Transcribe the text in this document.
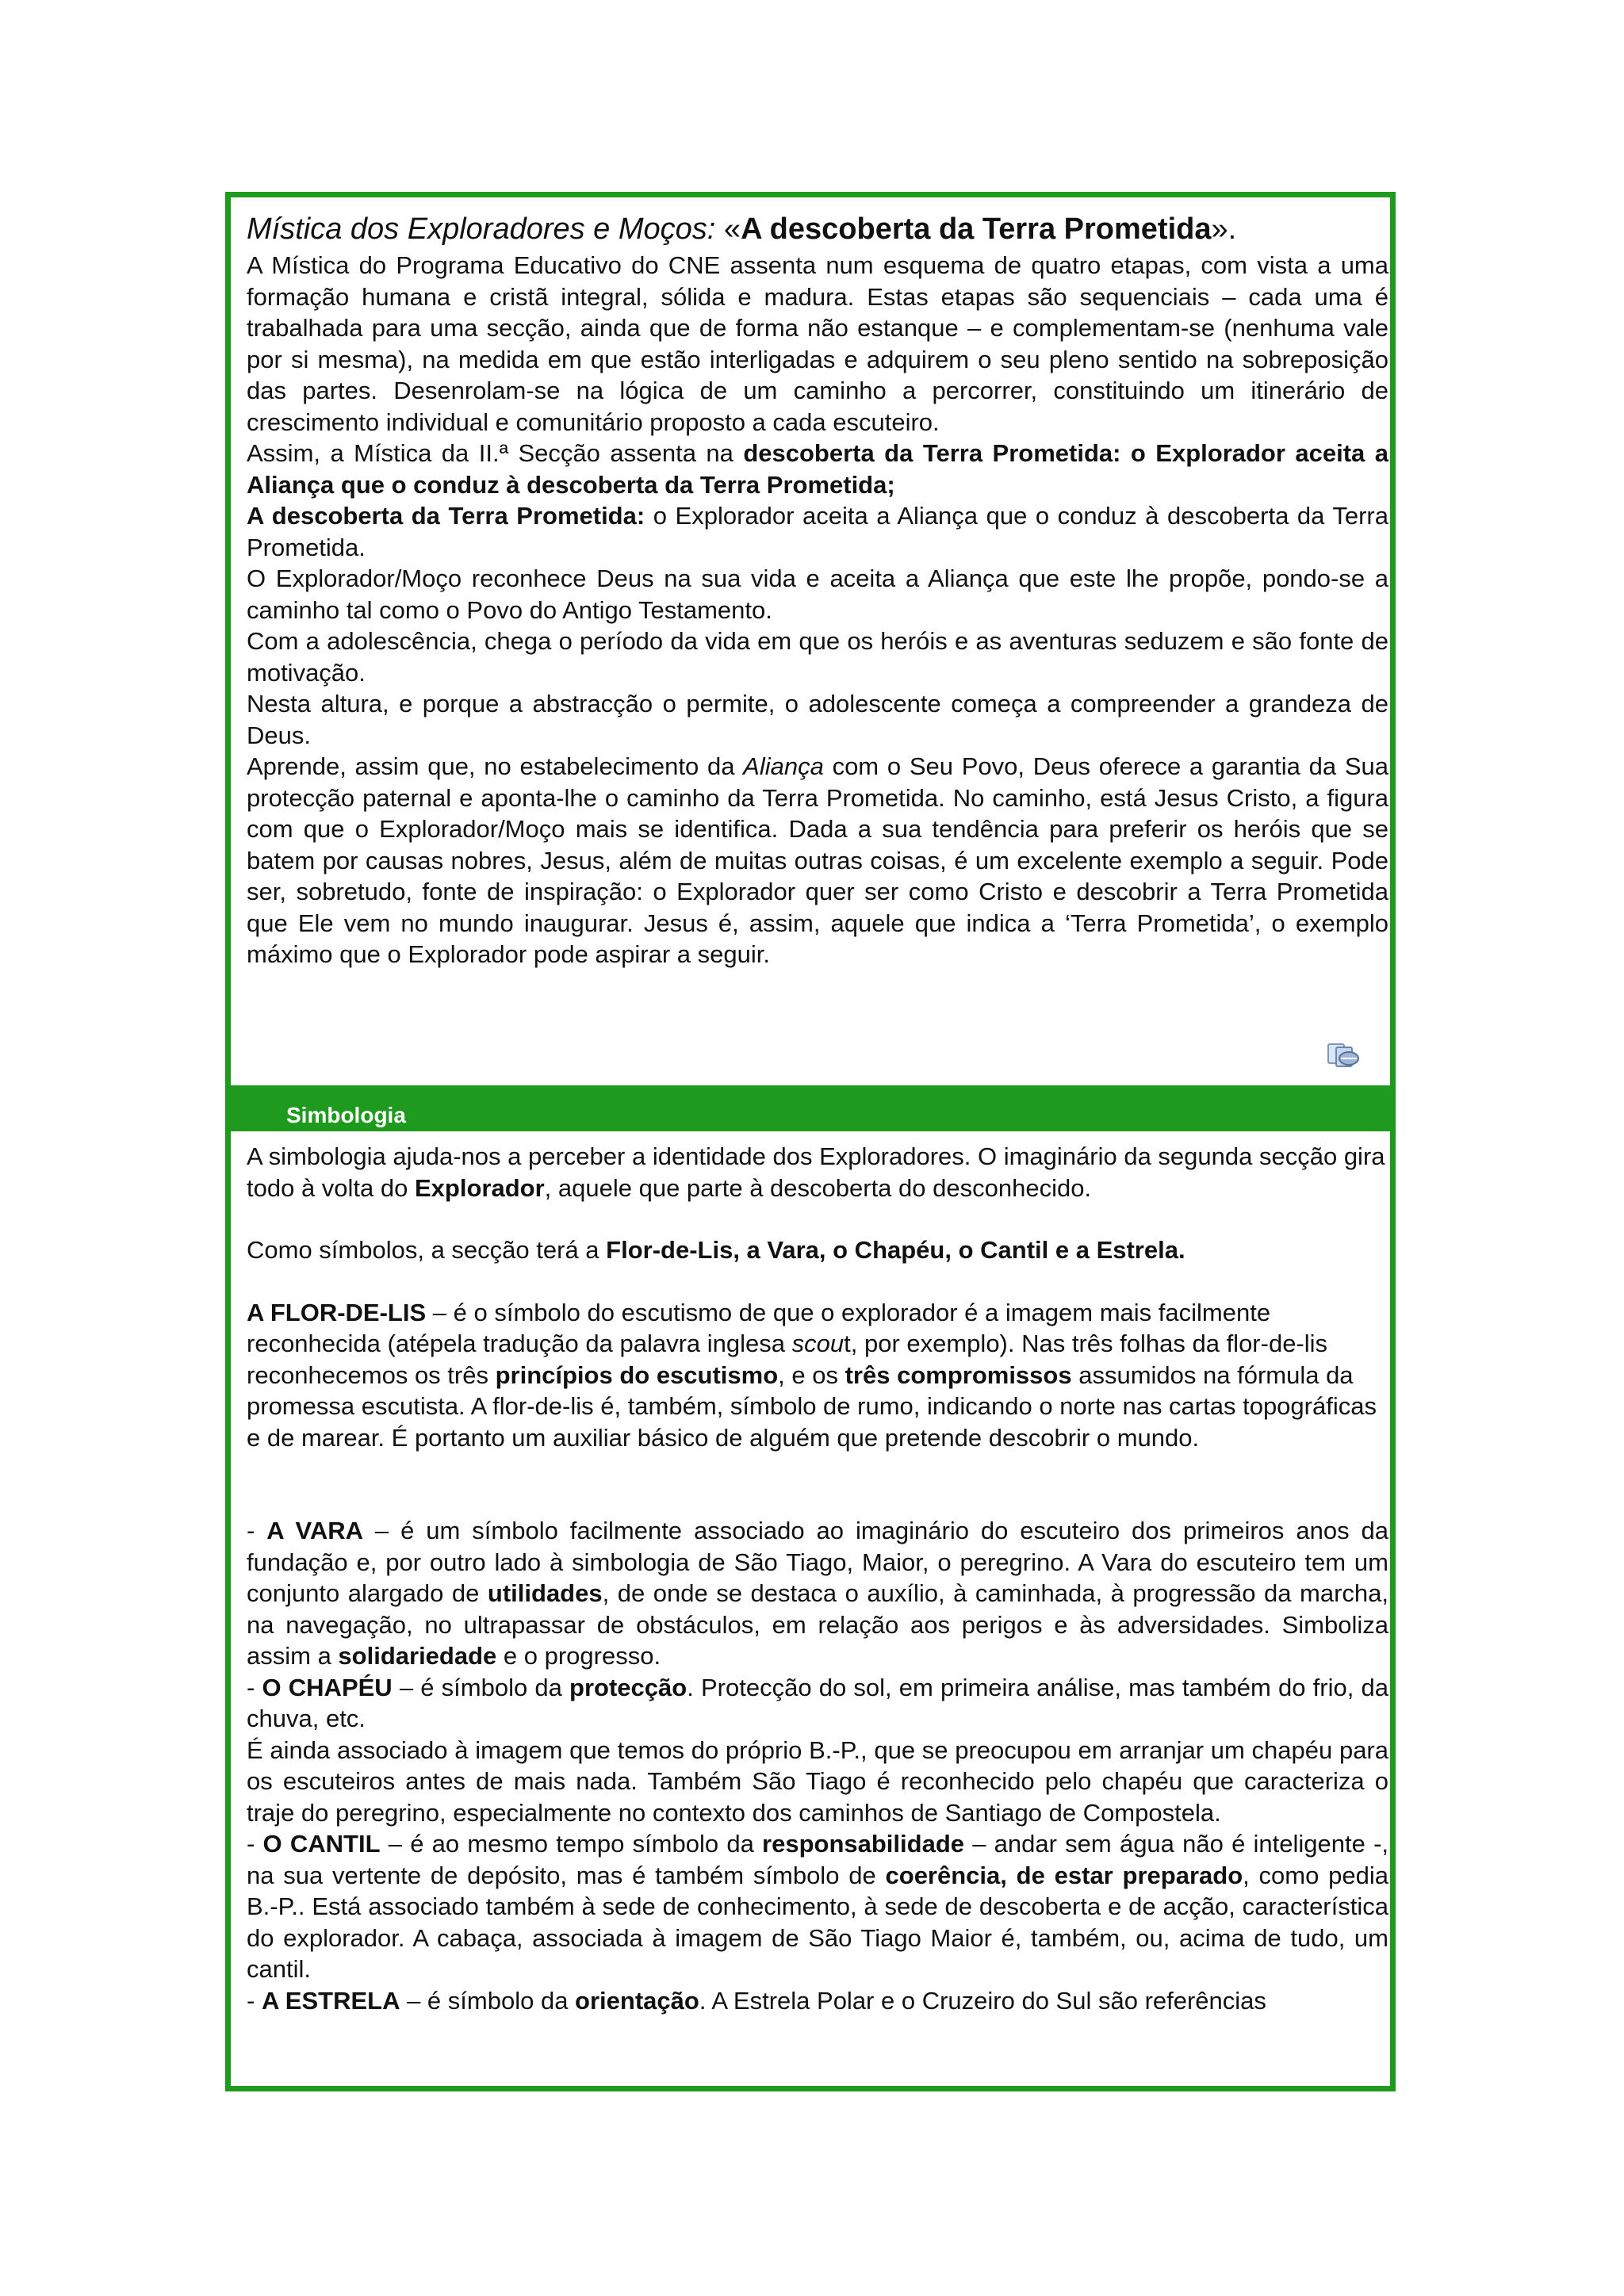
Mística dos Exploradores e Moços: «A descoberta da Terra Prometida».

A Mística do Programa Educativo do CNE assenta num esquema de quatro etapas, com vista a uma formação humana e cristã integral, sólida e madura. Estas etapas são sequenciais – cada uma é trabalhada para uma secção, ainda que de forma não estanque – e complementam-se (nenhuma vale por si mesma), na medida em que estão interligadas e adquirem o seu pleno sentido na sobreposição das partes. Desenrolam-se na lógica de um caminho a percorrer, constituindo um itinerário de crescimento individual e comunitário proposto a cada escuteiro.

Assim, a Mística da II.ª Secção assenta na descoberta da Terra Prometida: o Explorador aceita a Aliança que o conduz à descoberta da Terra Prometida;

A descoberta da Terra Prometida: o Explorador aceita a Aliança que o conduz à descoberta da Terra Prometida.

O Explorador/Moço reconhece Deus na sua vida e aceita a Aliança que este lhe propõe, pondo-se a caminho tal como o Povo do Antigo Testamento.

Com a adolescência, chega o período da vida em que os heróis e as aventuras seduzem e são fonte de motivação.

Nesta altura, e porque a abstracção o permite, o adolescente começa a compreender a grandeza de Deus.

Aprende, assim que, no estabelecimento da Aliança com o Seu Povo, Deus oferece a garantia da Sua protecção paternal e aponta-lhe o caminho da Terra Prometida. No caminho, está Jesus Cristo, a figura com que o Explorador/Moço mais se identifica. Dada a sua tendência para preferir os heróis que se batem por causas nobres, Jesus, além de muitas outras coisas, é um excelente exemplo a seguir. Pode ser, sobretudo, fonte de inspiração: o Explorador quer ser como Cristo e descobrir a Terra Prometida que Ele vem no mundo inaugurar. Jesus é, assim, aquele que indica a ‘Terra Prometida’, o exemplo máximo que o Explorador pode aspirar a seguir.

Simbologia

A simbologia ajuda-nos a perceber a identidade dos Exploradores. O imaginário da segunda secção gira todo à volta do Explorador, aquele que parte à descoberta do desconhecido.

Como símbolos, a secção terá a Flor-de-Lis, a Vara, o Chapéu, o Cantil e a Estrela.

A FLOR-DE-LIS – é o símbolo do escutismo de que o explorador é a imagem mais facilmente reconhecida (atépela tradução da palavra inglesa scout, por exemplo). Nas três folhas da flor-de-lis reconhecemos os três princípios do escutismo, e os três compromissos assumidos na fórmula da promessa escutista. A flor-de-lis é, também, símbolo de rumo, indicando o norte nas cartas topográficas e de marear. É portanto um auxiliar básico de alguém que pretende descobrir o mundo.

- A VARA – é um símbolo facilmente associado ao imaginário do escuteiro dos primeiros anos da fundação e, por outro lado à simbologia de São Tiago, Maior, o peregrino. A Vara do escuteiro tem um conjunto alargado de utilidades, de onde se destaca o auxílio, à caminhada, à progressão da marcha, na navegação, no ultrapassar de obstáculos, em relação aos perigos e às adversidades. Simboliza assim a solidariedade e o progresso.

- O CHAPÉU – é símbolo da protecção. Protecção do sol, em primeira análise, mas também do frio, da chuva, etc.

É ainda associado à imagem que temos do próprio B.-P., que se preocupou em arranjar um chapéu para os escuteiros antes de mais nada. Também São Tiago é reconhecido pelo chapéu que caracteriza o traje do peregrino, especialmente no contexto dos caminhos de Santiago de Compostela.

- O CANTIL – é ao mesmo tempo símbolo da responsabilidade – andar sem água não é inteligente -, na sua vertente de depósito, mas é também símbolo de coerência, de estar preparado, como pedia B.-P.. Está associado também à sede de conhecimento, à sede de descoberta e de acção, característica do explorador. A cabaça, associada à imagem de São Tiago Maior é, também, ou, acima de tudo, um cantil.

- A ESTRELA – é símbolo da orientação. A Estrela Polar e o Cruzeiro do Sul são referências
